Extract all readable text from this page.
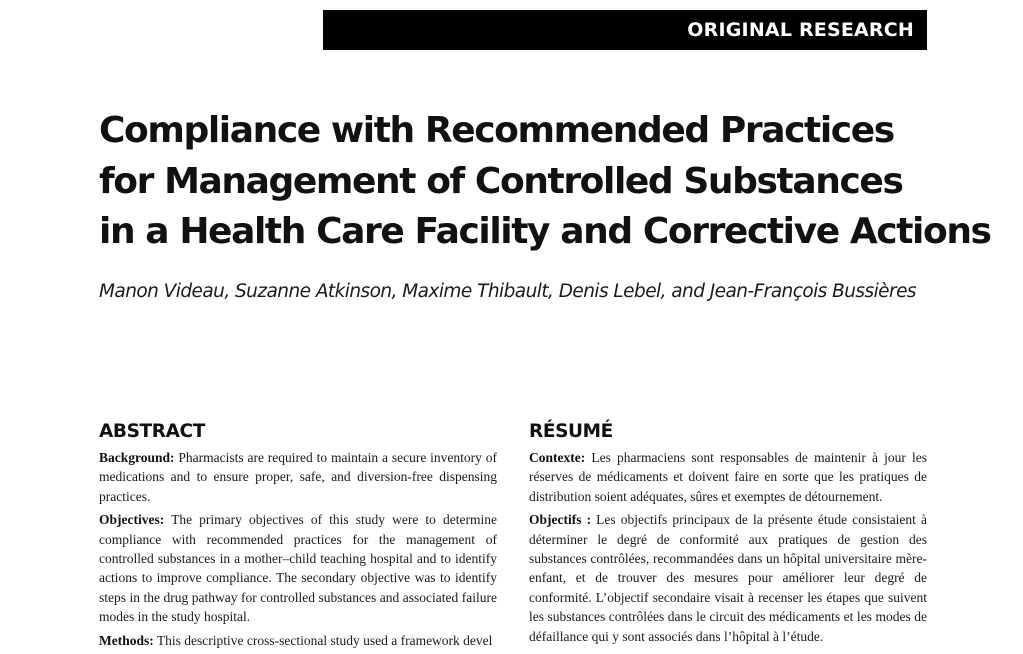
ORIGINAL RESEARCH
Compliance with Recommended Practices
for Management of Controlled Substances
in a Health Care Facility and Corrective Actions

Manon Videau, Suzanne Atkinson, Maxime Thibault, Denis Lebel, and Jean-François Bussières

ABSTRACT

Background: Pharmacists are required to maintain a secure inventory of medications and to ensure proper, safe, and diversion-free dispensing practices.

Objectives: The primary objectives of this study were to determine compliance with recommended practices for the management of controlled substances in a mother–child teaching hospital and to identify actions to improve compliance. The secondary objective was to identify steps in the drug pathway for controlled substances and associated failure modes in the study hospital.

Methods: This descriptive cross-sectional study used a framework devel

RÉSUMÉ

Contexte: Les pharmaciens sont responsables de maintenir à jour les réserves de médicaments et doivent faire en sorte que les pratiques de distribution soient adéquates, sûres et exemptes de détournement.

Objectifs : Les objectifs principaux de la présente étude consistaient à déterminer le degré de conformité aux pratiques de gestion des substances contrôlées, recommandées dans un hôpital universitaire mère-enfant, et de trouver des mesures pour améliorer leur degré de conformité. L’objectif secondaire visait à recenser les étapes que suivent les substances contrôlées dans le circuit des médicaments et les modes de défaillance qui y sont associés dans l’hôpital à l’étude.
